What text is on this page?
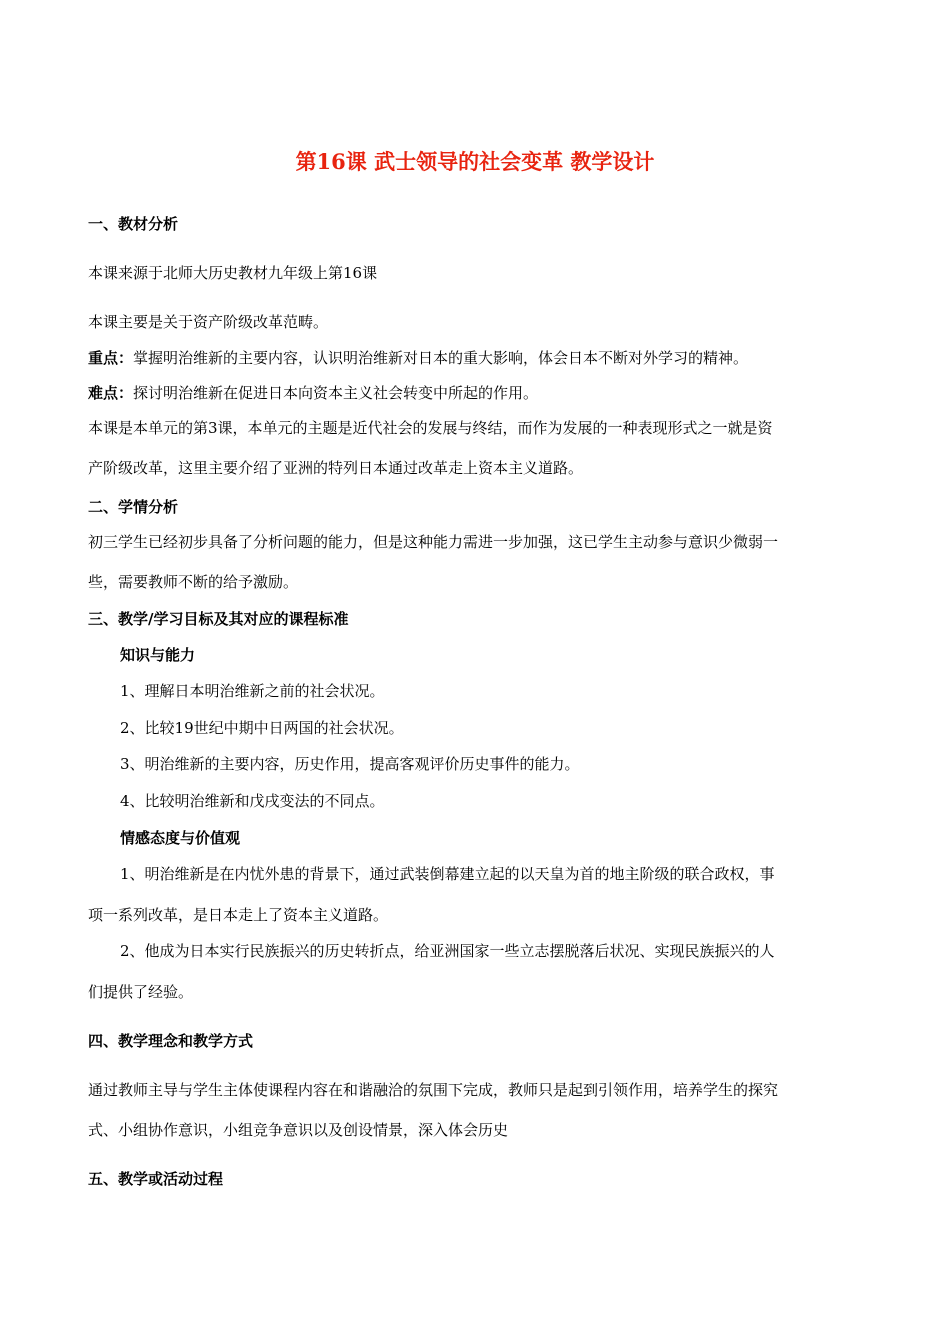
第16课 武士领导的社会变革 教学设计
一、教材分析
本课来源于北师大历史教材九年级上第16课
本课主要是关于资产阶级改革范畴。
重点：掌握明治维新的主要内容，认识明治维新对日本的重大影响，体会日本不断对外学习的精神。
难点：探讨明治维新在促进日本向资本主义社会转变中所起的作用。
本课是本单元的第3课，本单元的主题是近代社会的发展与终结，而作为发展的一种表现形式之一就是资
产阶级改革，这里主要介绍了亚洲的特列日本通过改革走上资本主义道路。
二、学情分析
初三学生已经初步具备了分析问题的能力，但是这种能力需进一步加强，这已学生主动参与意识少微弱一
些，需要教师不断的给予激励。
三、教学/学习目标及其对应的课程标准
知识与能力
1、理解日本明治维新之前的社会状况。
2、比较19世纪中期中日两国的社会状况。
3、明治维新的主要内容，历史作用，提高客观评价历史事件的能力。
4、比较明治维新和戊戌变法的不同点。
情感态度与价值观
1、明治维新是在内忧外患的背景下，通过武装倒幕建立起的以天皇为首的地主阶级的联合政权，事
项一系列改革，是日本走上了资本主义道路。
2、他成为日本实行民族振兴的历史转折点，给亚洲国家一些立志摆脱落后状况、实现民族振兴的人
们提供了经验。
四、教学理念和教学方式
通过教师主导与学生主体使课程内容在和谐融洽的氛围下完成，教师只是起到引领作用，培养学生的探究
式、小组协作意识，小组竞争意识以及创设情景，深入体会历史
五、教学或活动过程
